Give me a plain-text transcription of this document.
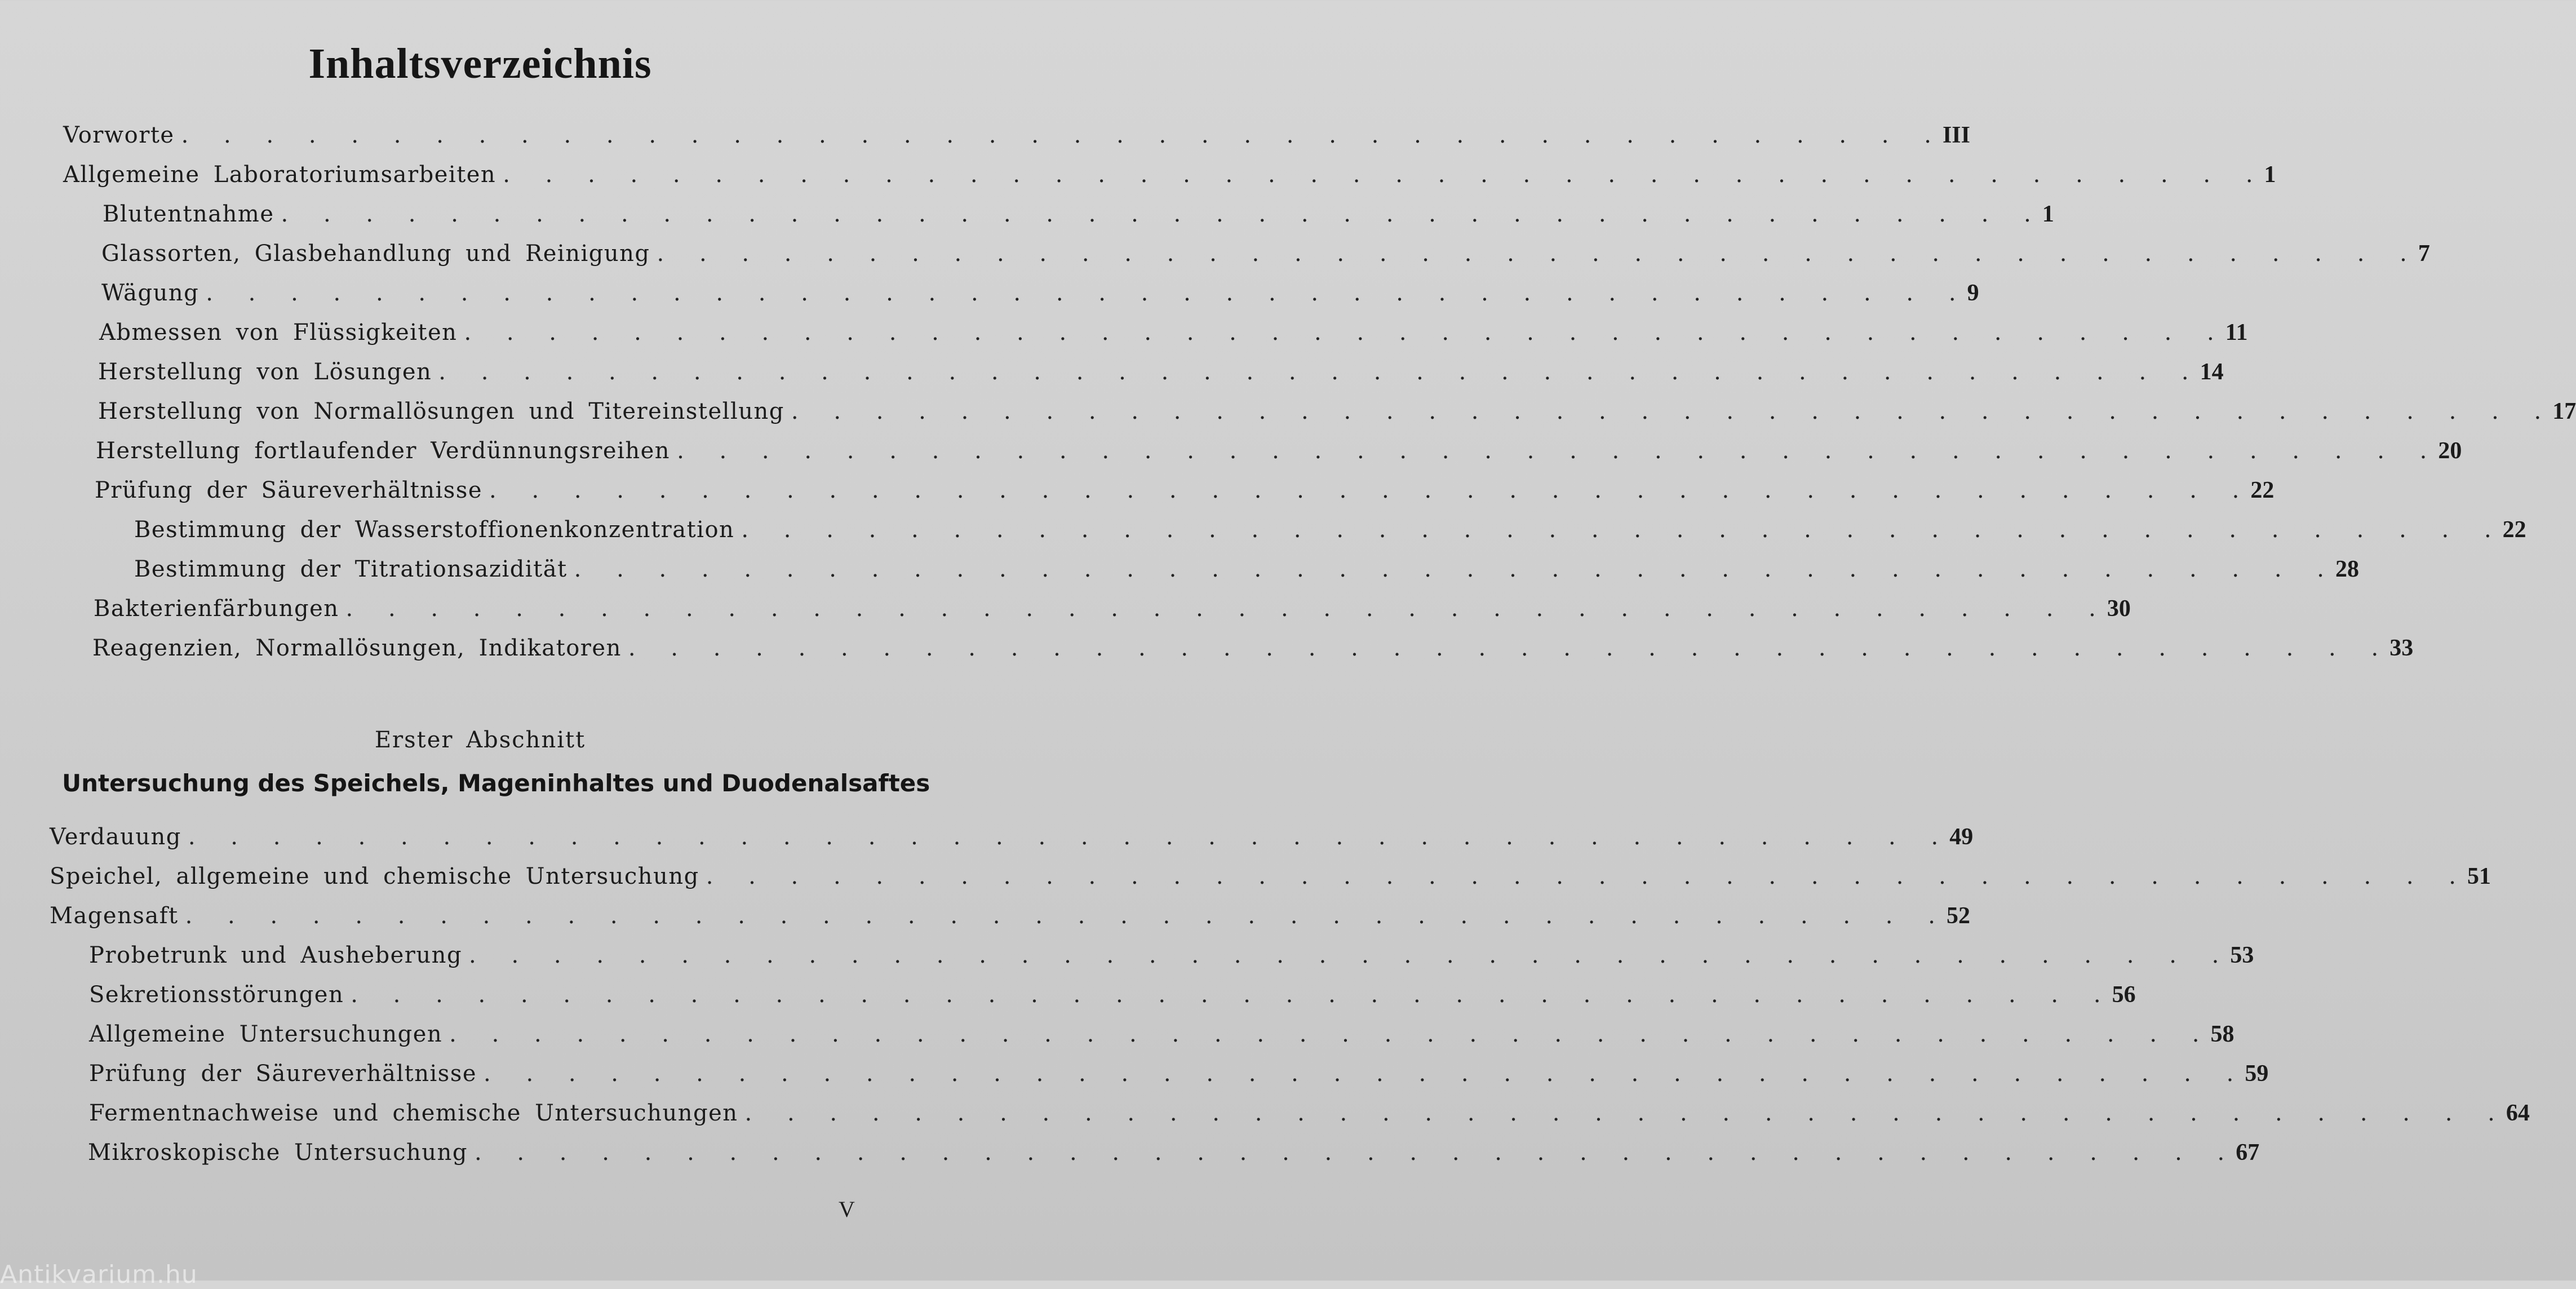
Inhaltsverzeichnis
Vorworte . . . . . . . . . . . . . . . . . . . . . . . . . . . . . . . . . . . . . . . . . . III
Allgemeine Laboratoriumsarbeiten . . . . . . . . . . . . . . . . . . . . . . . . . . . . . . . . . . . . . . . . . . 1
Blutentnahme . . . . . . . . . . . . . . . . . . . . . . . . . . . . . . . . . . . . . . . . . . 1
Glassorten, Glasbehandlung und Reinigung . . . . . . . . . . . . . . . . . . . . . . . . . . . . . . . . . . . . . . . . . . 7
Wägung . . . . . . . . . . . . . . . . . . . . . . . . . . . . . . . . . . . . . . . . . . 9
Abmessen von Flüssigkeiten . . . . . . . . . . . . . . . . . . . . . . . . . . . . . . . . . . . . . . . . . . 11
Herstellung von Lösungen . . . . . . . . . . . . . . . . . . . . . . . . . . . . . . . . . . . . . . . . . . 14
Herstellung von Normallösungen und Titereinstellung . . . . . . . . . . . . . . . . . . . . . . . . . . . . . . . . . . . . . . . . . . 17
Herstellung fortlaufender Verdünnungsreihen . . . . . . . . . . . . . . . . . . . . . . . . . . . . . . . . . . . . . . . . . . 20
Prüfung der Säureverhältnisse . . . . . . . . . . . . . . . . . . . . . . . . . . . . . . . . . . . . . . . . . . 22
Bestimmung der Wasserstoffionenkonzentration . . . . . . . . . . . . . . . . . . . . . . . . . . . . . . . . . . . . . . . . . . 22
Bestimmung der Titrationsazidität . . . . . . . . . . . . . . . . . . . . . . . . . . . . . . . . . . . . . . . . . . 28
Bakterienfärbungen . . . . . . . . . . . . . . . . . . . . . . . . . . . . . . . . . . . . . . . . . . 30
Reagenzien, Normallösungen, Indikatoren . . . . . . . . . . . . . . . . . . . . . . . . . . . . . . . . . . . . . . . . . . 33
Erster Abschnitt
Untersuchung des Speichels, Mageninhaltes und Duodenalsaftes
Verdauung . . . . . . . . . . . . . . . . . . . . . . . . . . . . . . . . . . . . . . . . . . 49
Speichel, allgemeine und chemische Untersuchung . . . . . . . . . . . . . . . . . . . . . . . . . . . . . . . . . . . . . . . . . . 51
Magensaft . . . . . . . . . . . . . . . . . . . . . . . . . . . . . . . . . . . . . . . . . . 52
Probetrunk und Ausheberung . . . . . . . . . . . . . . . . . . . . . . . . . . . . . . . . . . . . . . . . . . 53
Sekretionsstörungen . . . . . . . . . . . . . . . . . . . . . . . . . . . . . . . . . . . . . . . . . . 56
Allgemeine Untersuchungen . . . . . . . . . . . . . . . . . . . . . . . . . . . . . . . . . . . . . . . . . . 58
Prüfung der Säureverhältnisse . . . . . . . . . . . . . . . . . . . . . . . . . . . . . . . . . . . . . . . . . . 59
Fermentnachweise und chemische Untersuchungen . . . . . . . . . . . . . . . . . . . . . . . . . . . . . . . . . . . . . . . . . . 64
Mikroskopische Untersuchung . . . . . . . . . . . . . . . . . . . . . . . . . . . . . . . . . . . . . . . . . . 67
V
Antikvarium.hu
